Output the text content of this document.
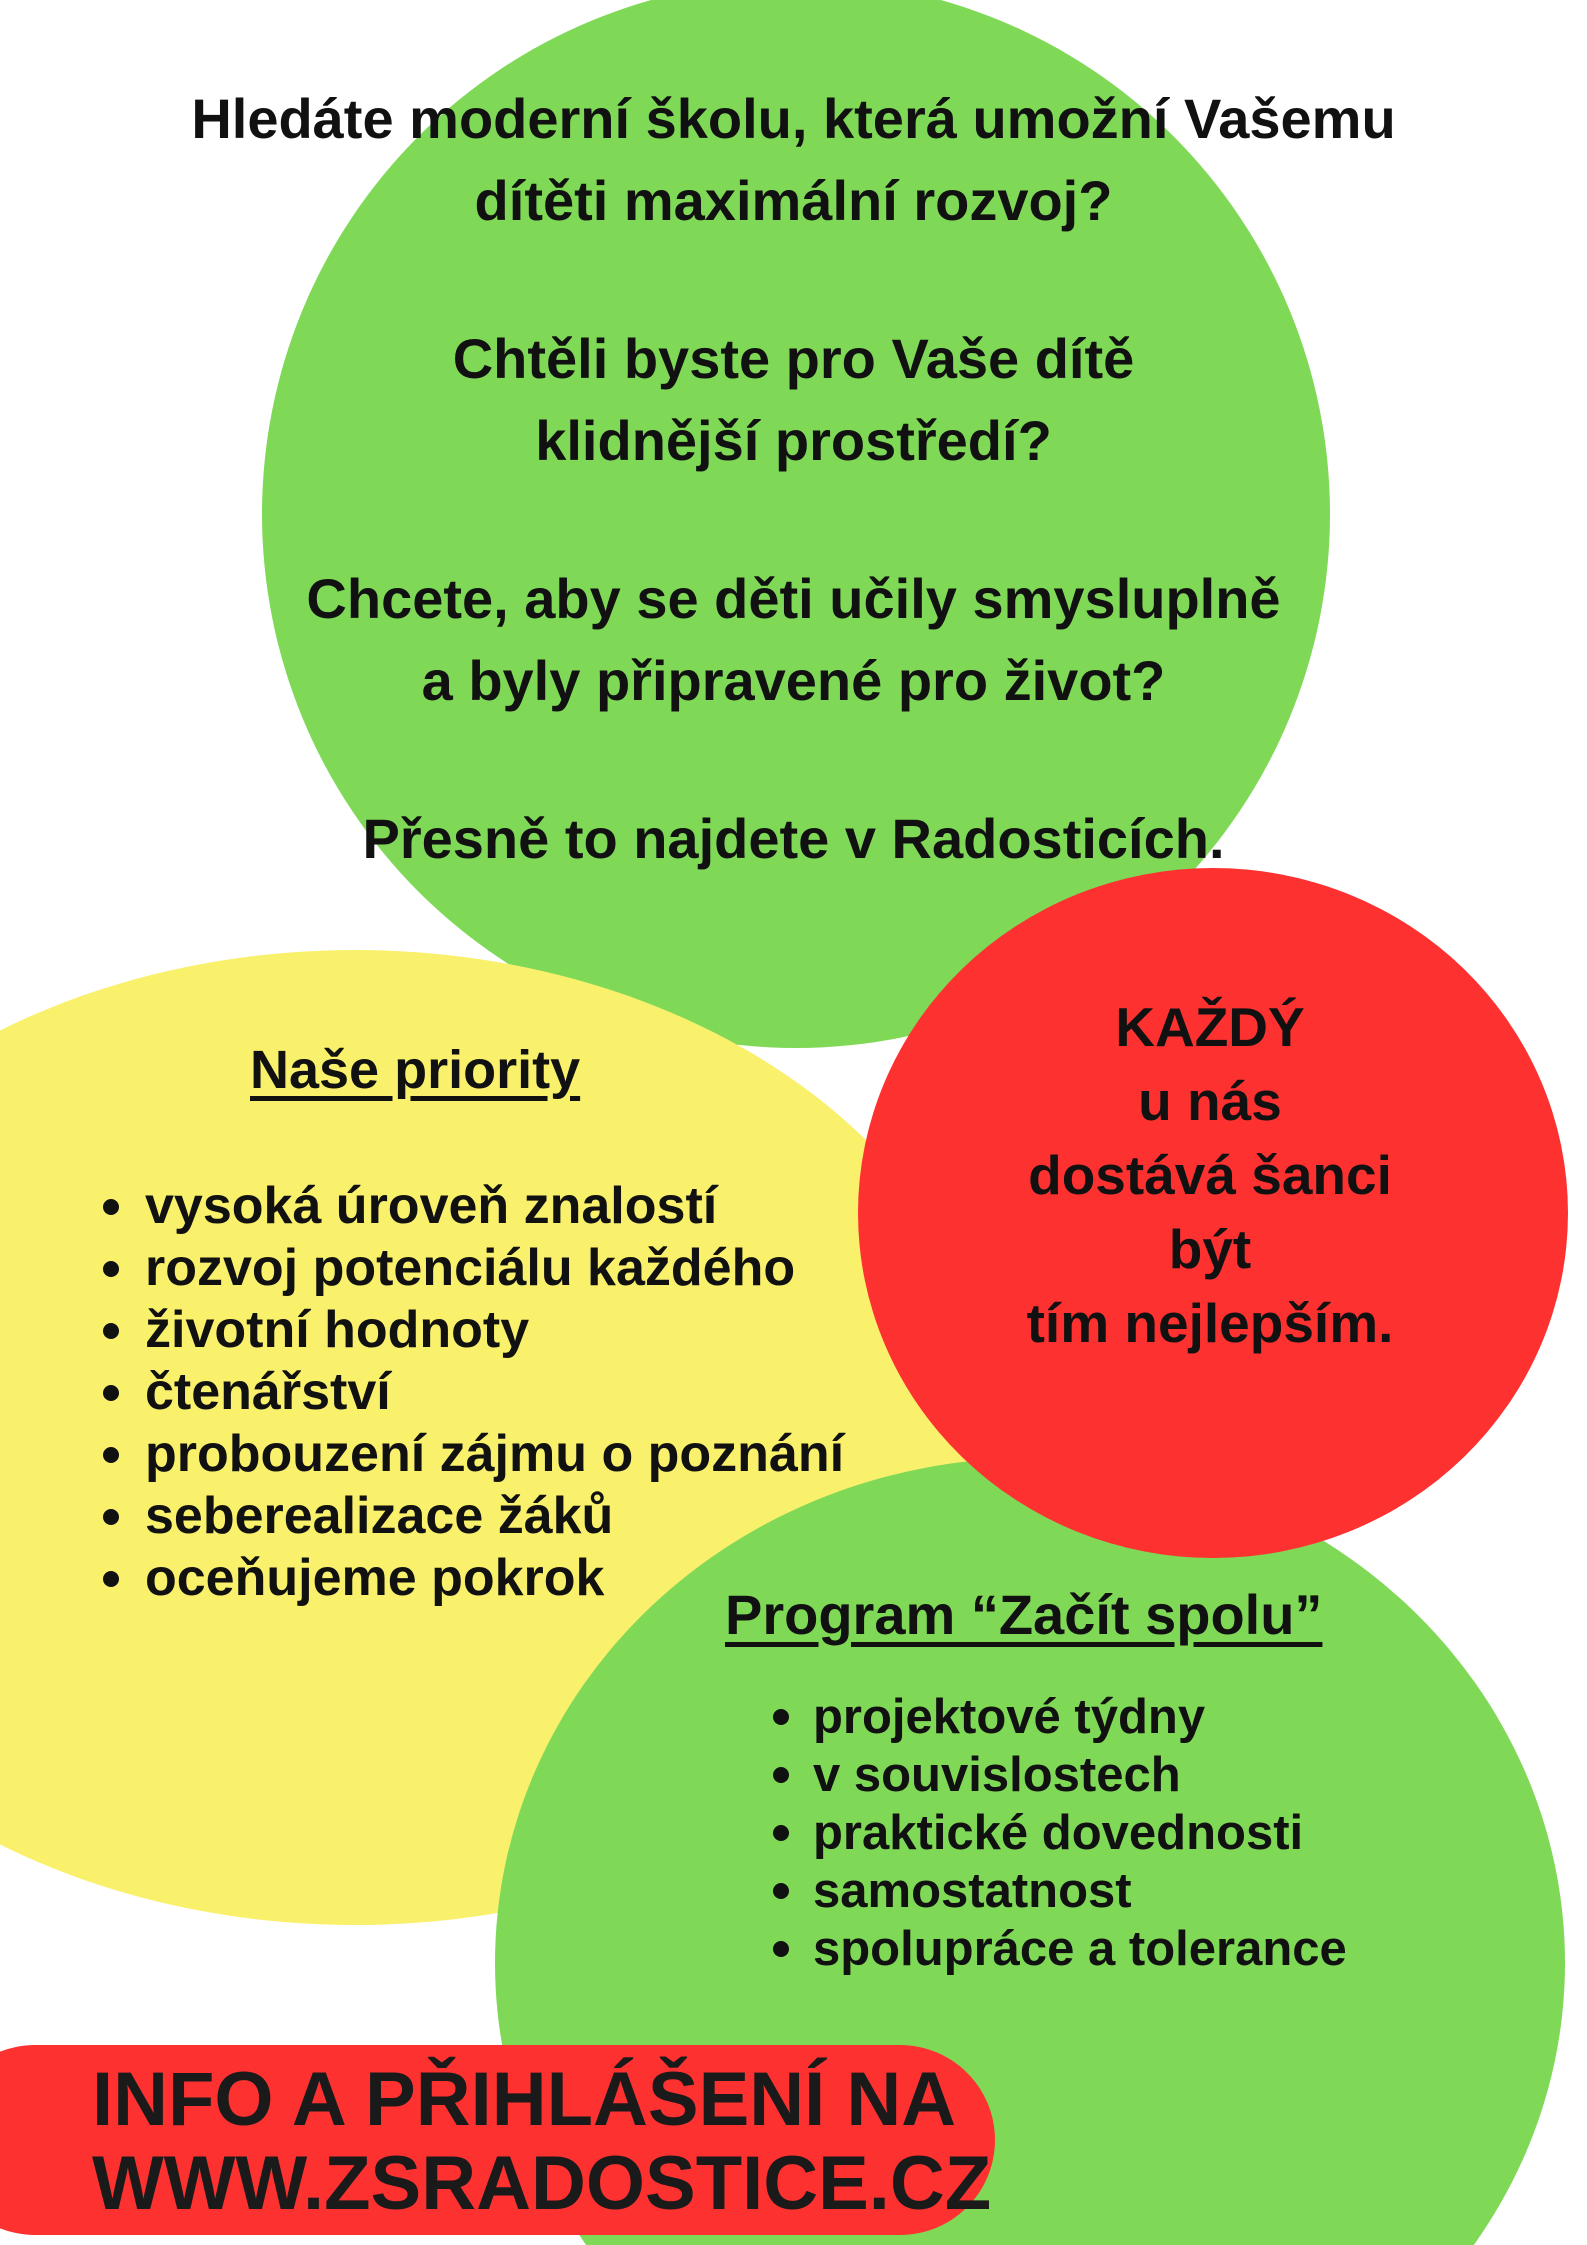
Hledáte moderní školu, která umožní Vašemu
dítěti maximální rozvoj?

Chtěli byste pro Vaše dítě
klidnější prostředí?

Chcete, aby se děti učily smysluplně
a byly připravené pro život?

Přesně to najdete v Radosticích.

Naše priority
vysoká úroveň znalostí
rozvoj potenciálu každého
životní hodnoty
čtenářství
probouzení zájmu o poznání
seberealizace žáků
oceňujeme pokrok
KAŽDÝ
u nás
dostává šanci
být
tím nejlepším.
Program “Začít spolu”
projektové týdny
v souvislostech
praktické dovednosti
samostatnost
spolupráce a tolerance
INFO A PŘIHLÁŠENÍ NA
WWW.ZSRADOSTICE.CZ
